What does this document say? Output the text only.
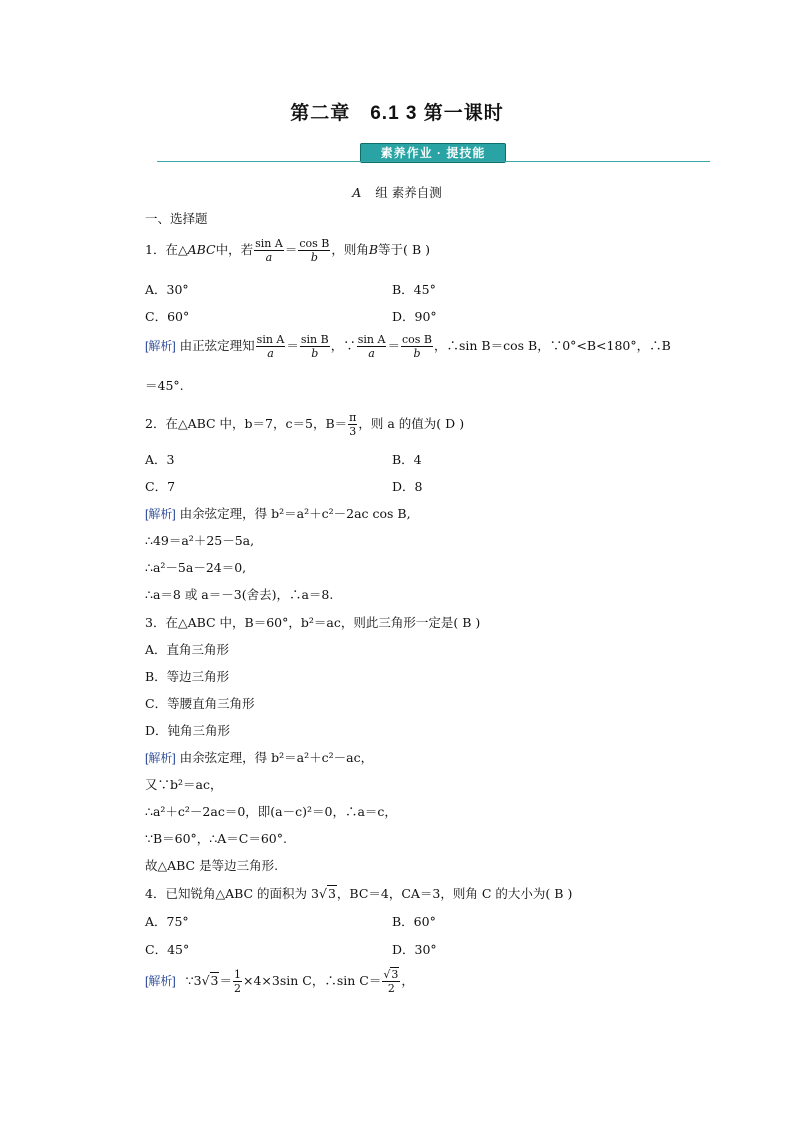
第二章　6.1 3 第一课时
素养作业 · 提技能
A 组 素养自测
一、选择题
1．在△ABC中，若 $\frac{\text{sin A}}{a} = \frac{\text{cos B}}{b}$ ，则角B等于( B )
A．30°	B．45°
C．60°	D．90°
[解析] 由正弦定理知 $\frac{\text{sin A}}{a} = \frac{\text{sin B}}{b}$ ，∵ $\frac{\text{sin A}}{a} = \frac{\text{cos B}}{b}$ ，∴sin B＝cos B，∵0°<B<180°，∴B
＝45°.
2．在△ABC 中，b＝7，c＝5，$B= \frac{\pi}{3}$ ，则 a 的值为( D )
A．3	B．4
C．7	D．8
[解析] 由余弦定理，得 b²＝a²＋c²－2ac cos B,
∴49＝a²＋25－5a,
∴a²－5a－24＝0,
∴a＝8 或 a＝－3(舍去)，∴a＝8.
3．在△ABC 中，B＝60°，b²＝ac，则此三角形一定是( B )
A．直角三角形
B．等边三角形
C．等腰直角三角形
D．钝角三角形
[解析] 由余弦定理，得 b²＝a²＋c²－ac，
又∵b²＝ac，
∴a²＋c²－2ac＝0，即(a－c)²＝0，∴a＝c，
∵B＝60°，∴A＝C＝60°.
故△ABC 是等边三角形.
4．已知锐角△ABC 的面积为 3√3，BC＝4，CA＝3，则角 C 的大小为( B )
A．75°	B．60°
C．45°	D．30°
[解析] ∵3√3＝ $\frac{1}{2} \times 4\times 3\sin$ C，∴sin $C= \frac{√3}{2}$ ，
